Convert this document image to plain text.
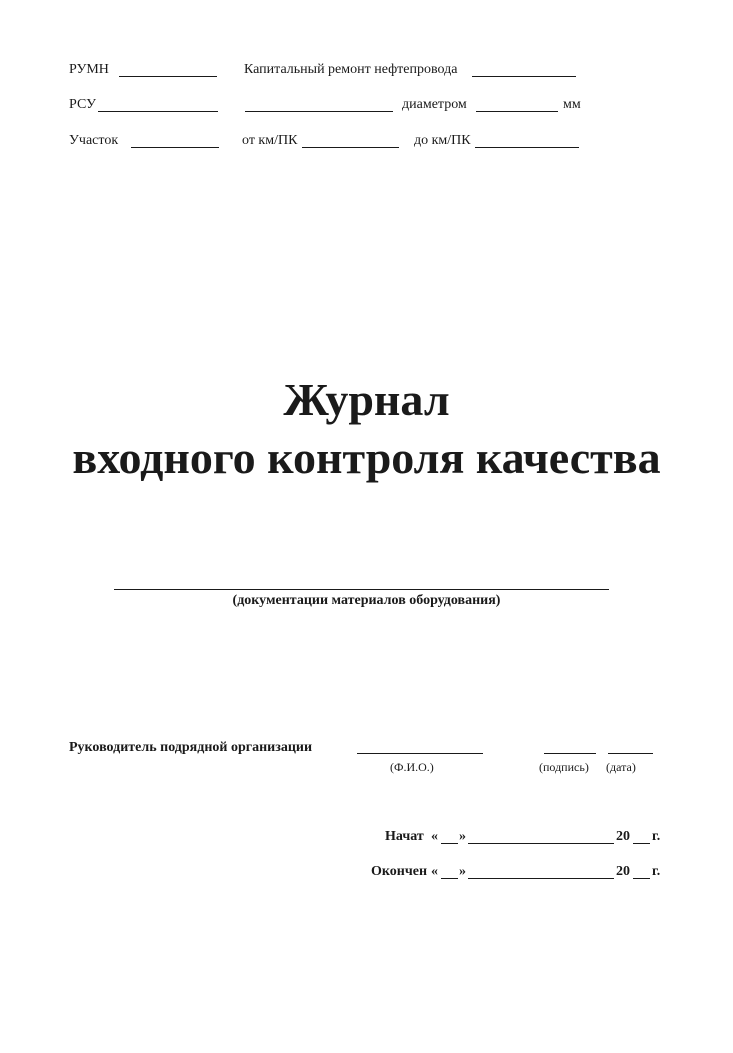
РУМН	Капитальный ремонт нефтепровода
РСУ	диаметром	мм
Участок	от км/ПК	до км/ПК
Журнал
входного контроля качества
(документации материалов оборудования)
Руководитель подрядной организации
(Ф.И.О.)	(подпись) (дата)
Начат « »	20 г.
Окончен « »	20 г.
